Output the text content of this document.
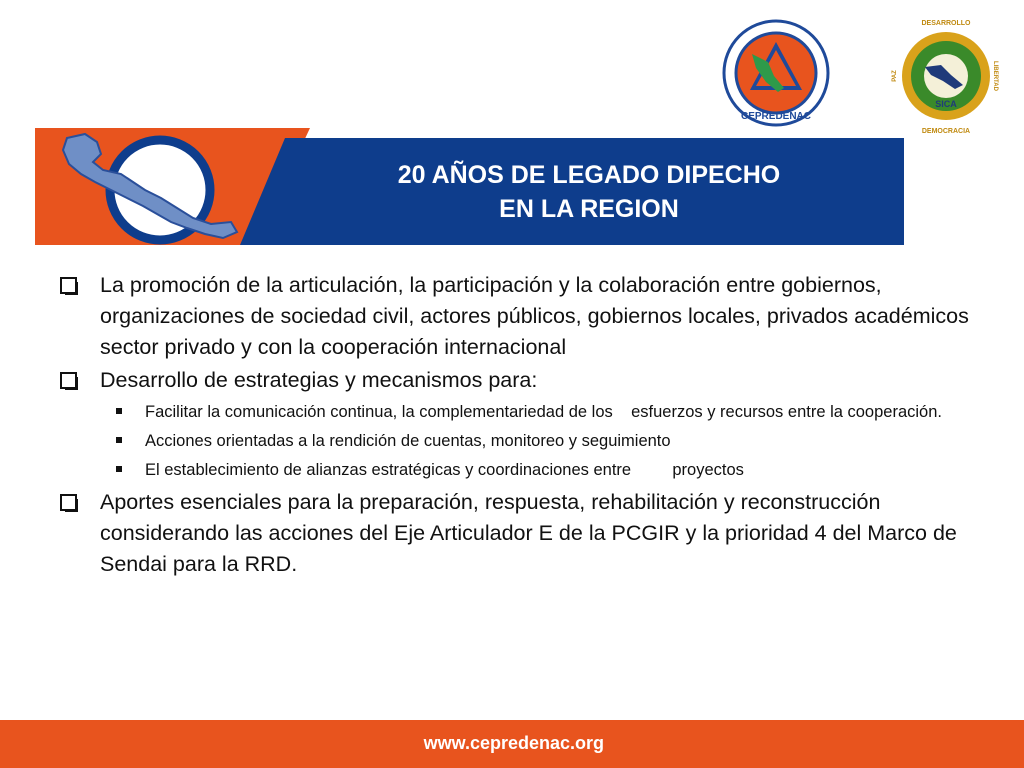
CEPREDENAC
SICA
DESARROLLO
DEMOCRACIA
LIBERTAD
PAZ
20 AÑOS DE LEGADO DIPECHO
EN LA REGION
La promoción de la articulación, la participación y la colaboración entre gobiernos, organizaciones de sociedad civil, actores públicos, gobiernos locales, privados académicos sector privado y con la cooperación internacional
Desarrollo de estrategias y mecanismos para:
Facilitar la comunicación continua, la complementariedad de los    esfuerzos y recursos entre la cooperación.
Acciones orientadas a la rendición de cuentas, monitoreo y seguimiento
El establecimiento de alianzas estratégicas y coordinaciones entre         proyectos
Aportes esenciales para la preparación, respuesta, rehabilitación y reconstrucción considerando las acciones del Eje Articulador E de la PCGIR y la prioridad 4 del Marco de Sendai para la RRD.
www.cepredenac.org
